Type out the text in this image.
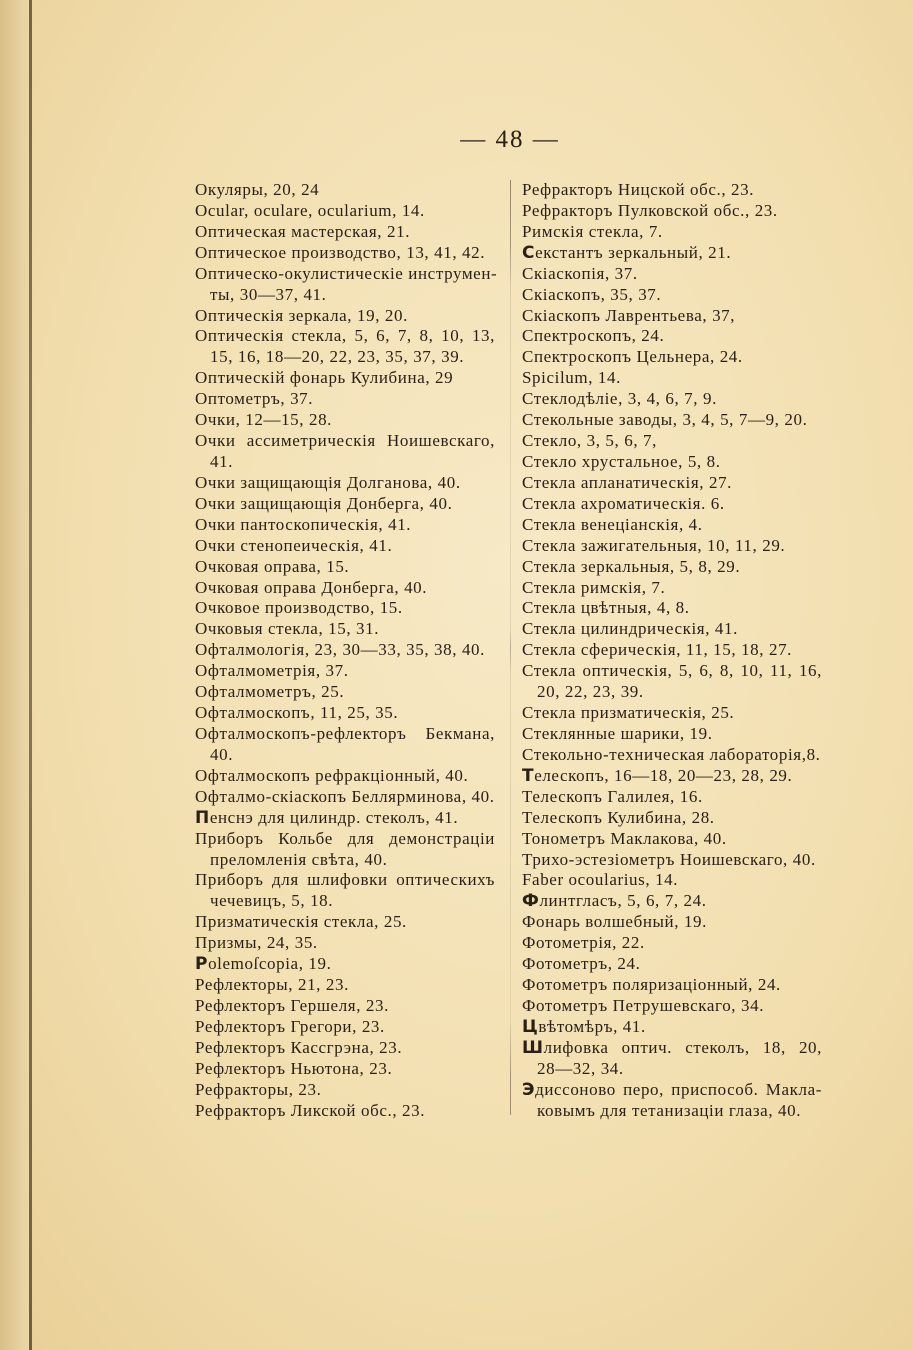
— 48 —
Окуляры, 20, 24
Ocular, oculare, ocularium, 14.
Оптическая мастерская, 21.
Оптическое производство, 13, 41, 42.
Оптическо-окулистическіе инструмен-
ты, 30—37, 41.
Оптическія зеркала, 19, 20.
Оптическія стекла, 5, 6, 7, 8, 10, 13,
15, 16, 18—20, 22, 23, 35, 37, 39.
Оптическій фонарь Кулибина, 29
Оптометръ, 37.
Очки, 12—15, 28.
Очки ассиметрическія Ноишевскаго,
41.
Очки защищающія Долганова, 40.
Очки защищающія Донберга, 40.
Очки пантоскопическія, 41.
Очки стенопеическія, 41.
Очковая оправа, 15.
Очковая оправа Донберга, 40.
Очковое производство, 15.
Очковыя стекла, 15, 31.
Офталмологія, 23, 30—33, 35, 38, 40.
Офталмометрія, 37.
Офталмометръ, 25.
Офталмоскопъ, 11, 25, 35.
Офталмоскопъ-рефлекторъ Бекмана,
40.
Офталмоскопъ рефракціонный, 40.
Офталмо-скіаскопъ Беллярминова, 40.
Пенснэ для цилиндр. стеколъ, 41.
Приборъ Кольбе для демонстраціи
преломленія свѣта, 40.
Приборъ для шлифовки оптическихъ
чечевицъ, 5, 18.
Призматическія стекла, 25.
Призмы, 24, 35.
Polemoſcopia, 19.
Рефлекторы, 21, 23.
Рефлекторъ Гершеля, 23.
Рефлекторъ Грегори, 23.
Рефлекторъ Кассгрэна, 23.
Рефлекторъ Ньютона, 23.
Рефракторы, 23.
Рефракторъ Ликской обс., 23.
Рефракторъ Ницской обс., 23.
Рефракторъ Пулковской обс., 23.
Римскія стекла, 7.
Секстантъ зеркальный, 21.
Скіаскопія, 37.
Скіаскопъ, 35, 37.
Скіаскопъ Лаврентьева, 37,
Спектроскопъ, 24.
Спектроскопъ Цельнера, 24.
Spicilum, 14.
Стеклодѣліе, 3, 4, 6, 7, 9.
Стекольные заводы, 3, 4, 5, 7—9, 20.
Стекло, 3, 5, 6, 7,
Стекло хрустальное, 5, 8.
Стекла апланатическія, 27.
Стекла ахроматическія. 6.
Стекла венеціанскія, 4.
Стекла зажигательныя, 10, 11, 29.
Стекла зеркальныя, 5, 8, 29.
Стекла римскія, 7.
Стекла цвѣтныя, 4, 8.
Стекла цилиндрическія, 41.
Стекла сферическія, 11, 15, 18, 27.
Стекла оптическія, 5, 6, 8, 10, 11, 16,
20, 22, 23, 39.
Стекла призматическія, 25.
Стеклянные шарики, 19.
Стекольно-техническая лабораторія,8.
Телескопъ, 16—18, 20—23, 28, 29.
Телескопъ Галилея, 16.
Телескопъ Кулибина, 28.
Тонометръ Маклакова, 40.
Трихо-эстезіометръ Ноишевскаго, 40.
Faber ocoularius, 14.
Флинтгласъ, 5, 6, 7, 24.
Фонарь волшебный, 19.
Фотометрія, 22.
Фотометръ, 24.
Фотометръ поляризаціонный, 24.
Фотометръ Петрушевскаго, 34.
Цвѣтомѣръ, 41.
Шлифовка оптич. стеколъ, 18, 20,
28—32, 34.
Эдиссоново перо, приспособ. Макла-
ковымъ для тетанизаціи глаза, 40.
